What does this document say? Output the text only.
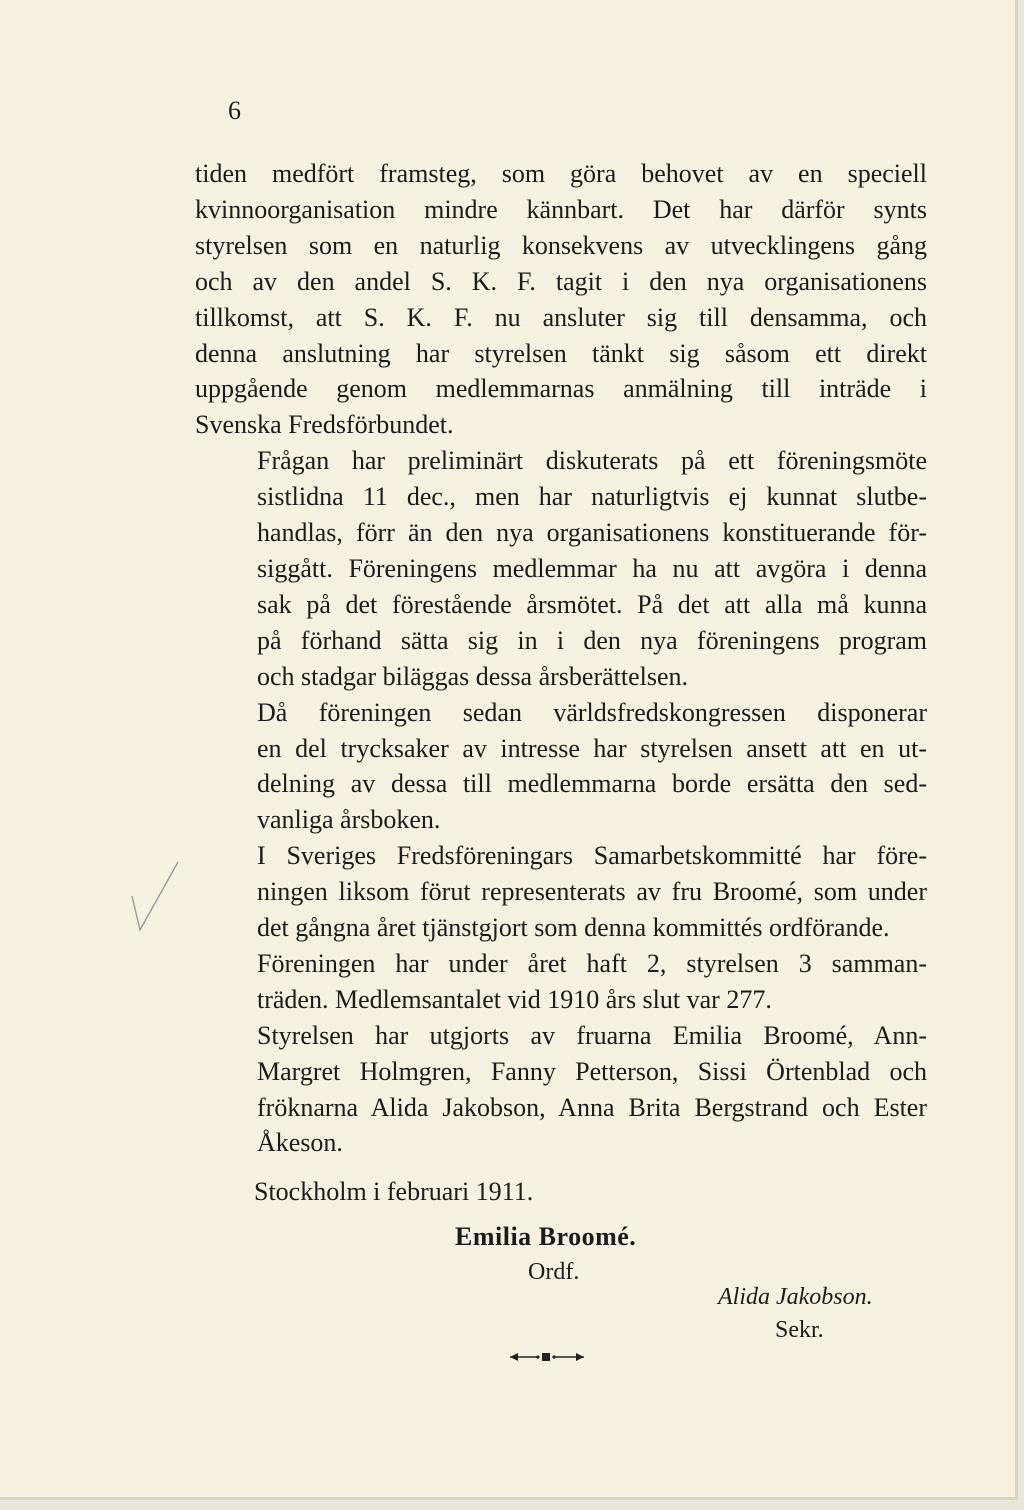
6

tiden medfört framsteg, som göra behovet av en speciell
kvinnoorganisation mindre kännbart. Det har därför synts
styrelsen som en naturlig konsekvens av utvecklingens gång
och av den andel S. K. F. tagit i den nya organisationens
tillkomst, att S. K. F. nu ansluter sig till densamma, och
denna anslutning har styrelsen tänkt sig såsom ett direkt
uppgående genom medlemmarnas anmälning till inträde i
Svenska Fredsförbundet.

Frågan har preliminärt diskuterats på ett föreningsmöte
sistlidna 11 dec., men har naturligtvis ej kunnat slutbe-
handlas, förr än den nya organisationens konstituerande för-
siggått. Föreningens medlemmar ha nu att avgöra i denna
sak på det förestående årsmötet. På det att alla må kunna
på förhand sätta sig in i den nya föreningens program
och stadgar biläggas dessa årsberättelsen.

Då föreningen sedan världsfredskongressen disponerar
en del trycksaker av intresse har styrelsen ansett att en ut-
delning av dessa till medlemmarna borde ersätta den sed-
vanliga årsboken.

I Sveriges Fredsföreningars Samarbetskommitté har före-
ningen liksom förut representerats av fru Broomé, som under
det gångna året tjänstgjort som denna kommittés ordförande.

Föreningen har under året haft 2, styrelsen 3 samman-
träden. Medlemsantalet vid 1910 års slut var 277.

Styrelsen har utgjorts av fruarna Emilia Broomé, Ann-
Margret Holmgren, Fanny Petterson, Sissi Örtenblad och
fröknarna Alida Jakobson, Anna Brita Bergstrand och Ester
Åkeson.

Stockholm i februari 1911.
Emilia Broomé.
Ordf.
Alida Jakobson.
Sekr.
